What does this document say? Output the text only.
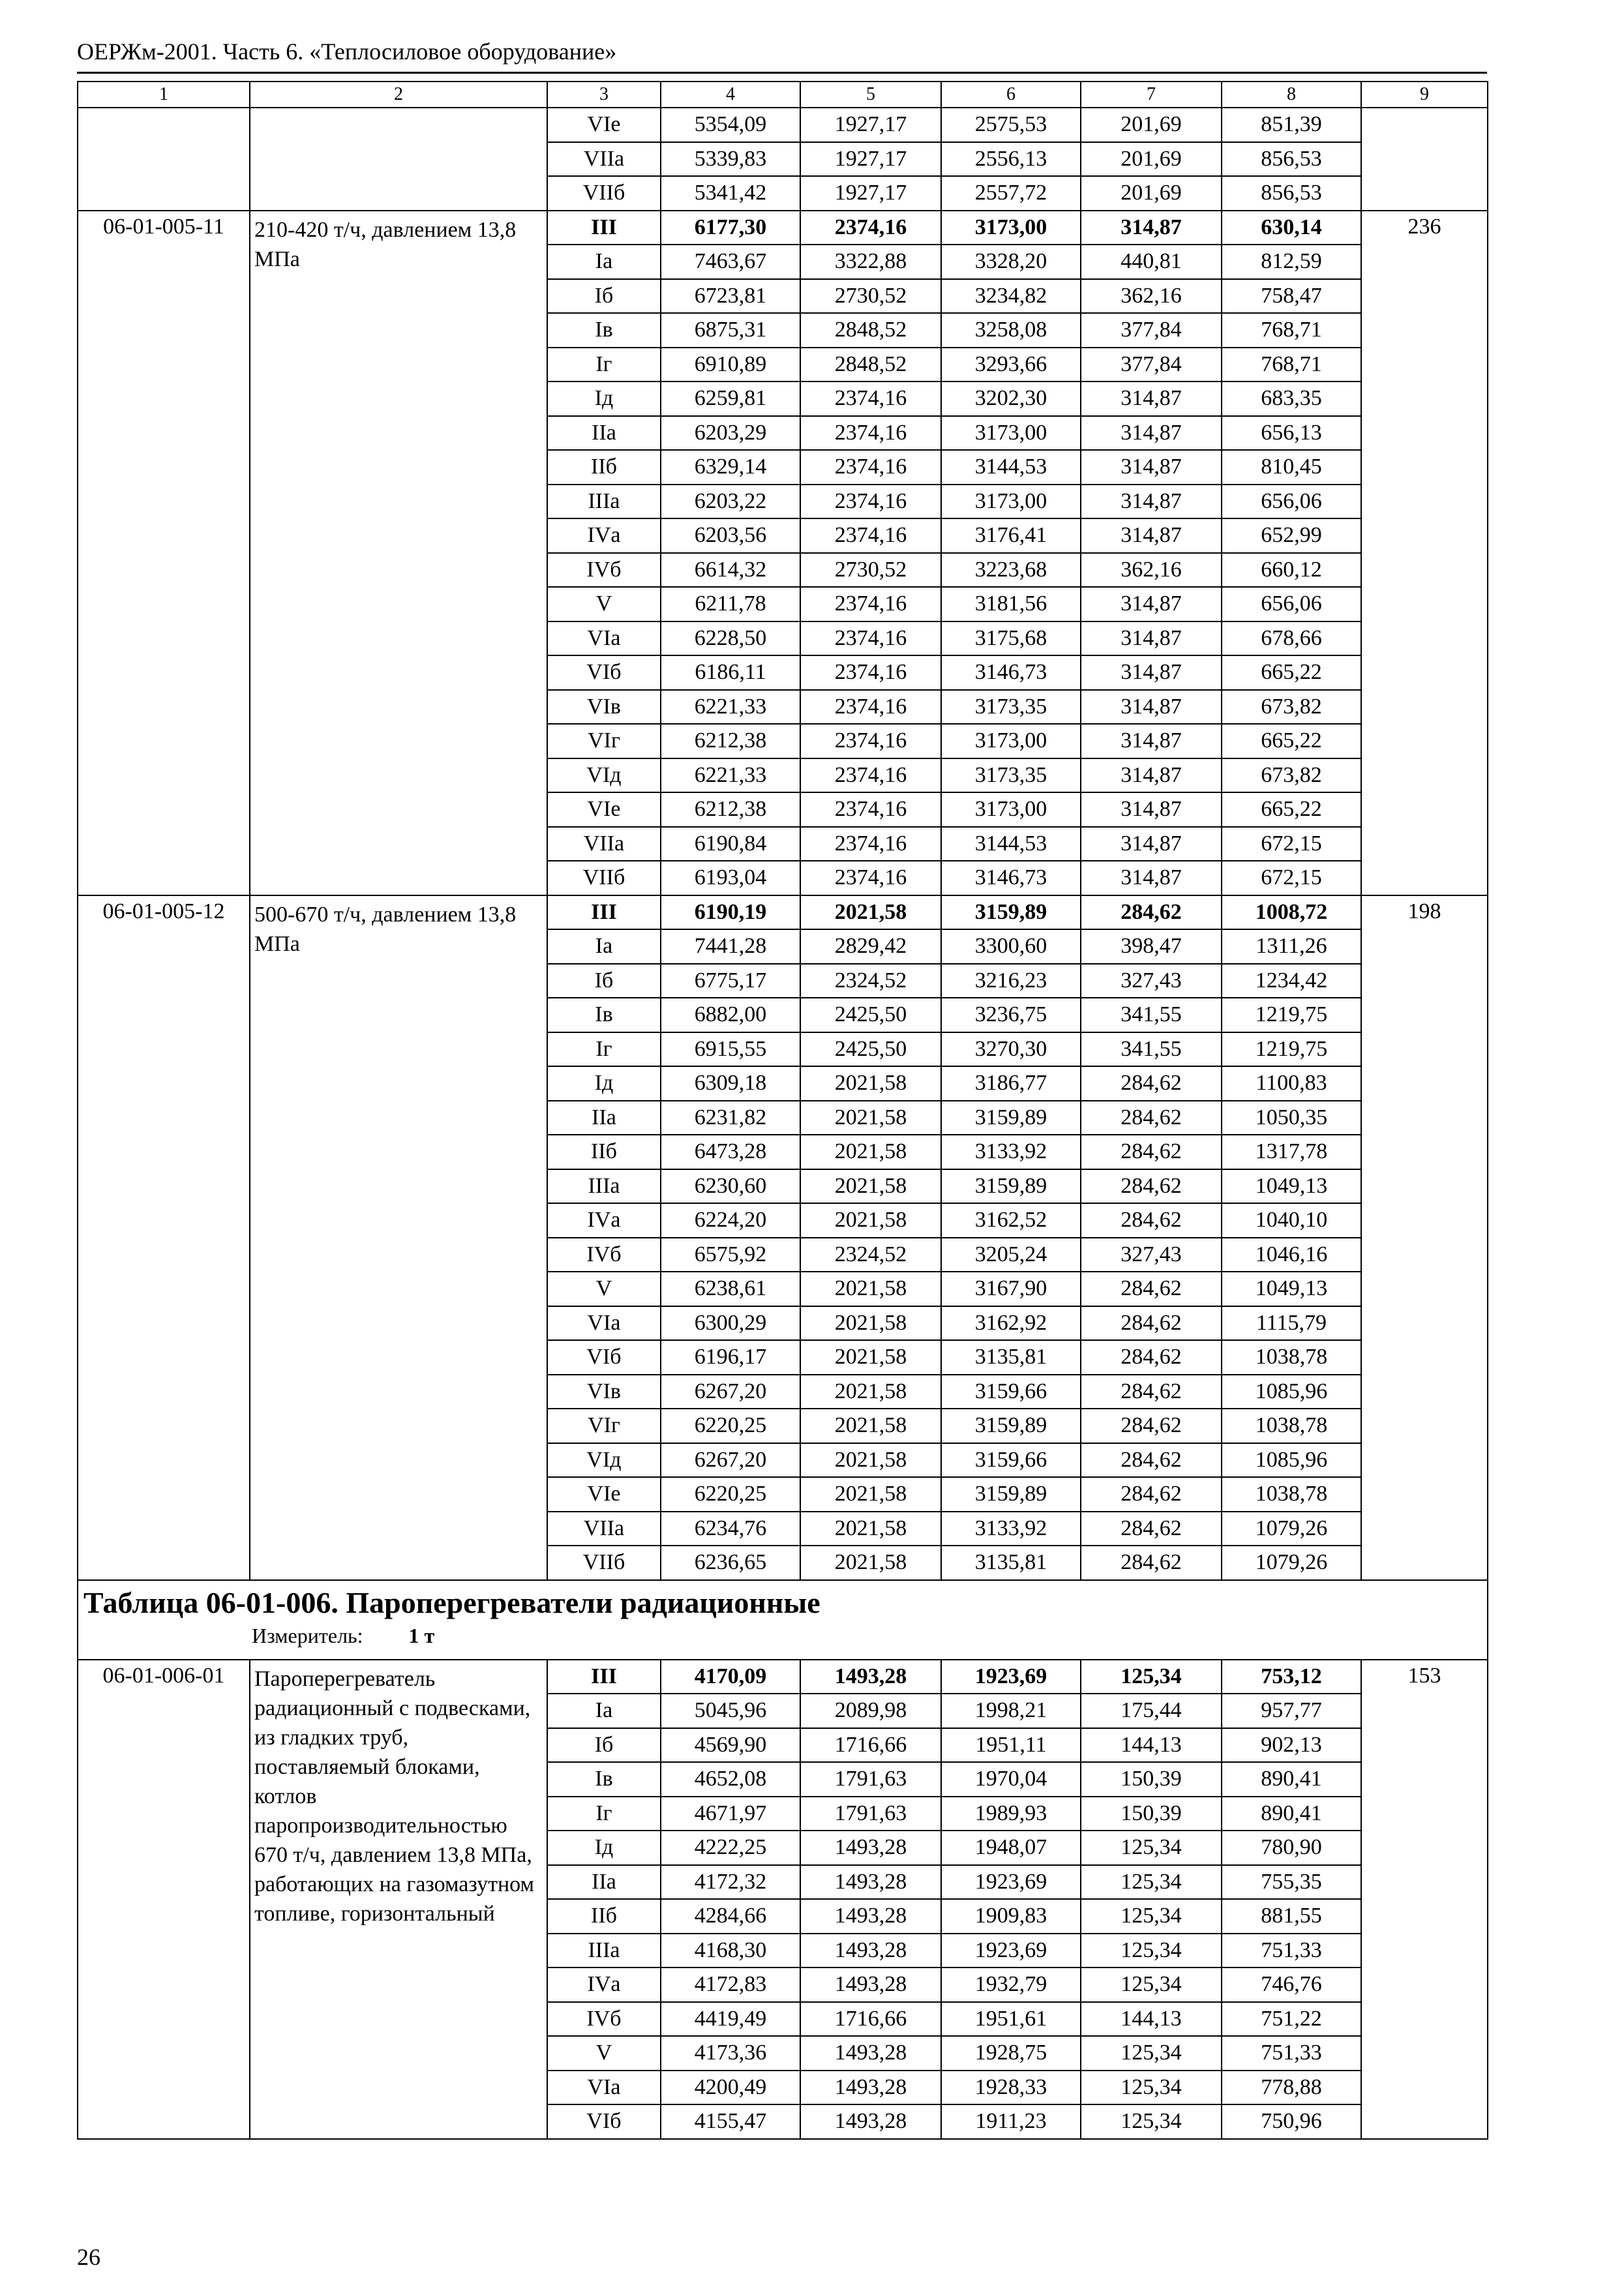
ОЕРЖм-2001. Часть 6. «Теплосиловое оборудование»
1	2	3	4	5	6	7	8	9
		VIе	5354,09	1927,17	2575,53	201,69	851,39	
		VIIа	5339,83	1927,17	2556,13	201,69	856,53	
		VIIб	5341,42	1927,17	2557,72	201,69	856,53	
06-01-005-11	210-420 т/ч, давлением 13,8 МПа	III	6177,30	2374,16	3173,00	314,87	630,14	236
		Iа	7463,67	3322,88	3328,20	440,81	812,59	
		Iб	6723,81	2730,52	3234,82	362,16	758,47	
		Iв	6875,31	2848,52	3258,08	377,84	768,71	
		Iг	6910,89	2848,52	3293,66	377,84	768,71	
		Iд	6259,81	2374,16	3202,30	314,87	683,35	
		IIа	6203,29	2374,16	3173,00	314,87	656,13	
		IIб	6329,14	2374,16	3144,53	314,87	810,45	
		IIIа	6203,22	2374,16	3173,00	314,87	656,06	
		IVа	6203,56	2374,16	3176,41	314,87	652,99	
		IVб	6614,32	2730,52	3223,68	362,16	660,12	
		V	6211,78	2374,16	3181,56	314,87	656,06	
		VIа	6228,50	2374,16	3175,68	314,87	678,66	
		VIб	6186,11	2374,16	3146,73	314,87	665,22	
		VIв	6221,33	2374,16	3173,35	314,87	673,82	
		VIг	6212,38	2374,16	3173,00	314,87	665,22	
		VIд	6221,33	2374,16	3173,35	314,87	673,82	
		VIе	6212,38	2374,16	3173,00	314,87	665,22	
		VIIа	6190,84	2374,16	3144,53	314,87	672,15	
		VIIб	6193,04	2374,16	3146,73	314,87	672,15	
06-01-005-12	500-670 т/ч, давлением 13,8 МПа	III	6190,19	2021,58	3159,89	284,62	1008,72	198
		Iа	7441,28	2829,42	3300,60	398,47	1311,26	
		Iб	6775,17	2324,52	3216,23	327,43	1234,42	
		Iв	6882,00	2425,50	3236,75	341,55	1219,75	
		Iг	6915,55	2425,50	3270,30	341,55	1219,75	
		Iд	6309,18	2021,58	3186,77	284,62	1100,83	
		IIа	6231,82	2021,58	3159,89	284,62	1050,35	
		IIб	6473,28	2021,58	3133,92	284,62	1317,78	
		IIIа	6230,60	2021,58	3159,89	284,62	1049,13	
		IVа	6224,20	2021,58	3162,52	284,62	1040,10	
		IVб	6575,92	2324,52	3205,24	327,43	1046,16	
		V	6238,61	2021,58	3167,90	284,62	1049,13	
		VIа	6300,29	2021,58	3162,92	284,62	1115,79	
		VIб	6196,17	2021,58	3135,81	284,62	1038,78	
		VIв	6267,20	2021,58	3159,66	284,62	1085,96	
		VIг	6220,25	2021,58	3159,89	284,62	1038,78	
		VIд	6267,20	2021,58	3159,66	284,62	1085,96	
		VIе	6220,25	2021,58	3159,89	284,62	1038,78	
		VIIа	6234,76	2021,58	3133,92	284,62	1079,26	
		VIIб	6236,65	2021,58	3135,81	284,62	1079,26	

Таблица 06-01-006. Пароперегреватели радиационные
Измеритель: 1 т								

06-01-006-01	Пароперегреватель радиационный с подвесками, из гладких труб, поставляемый блоками, котлов паропроизводительностью 670 т/ч, давлением 13,8 МПа, работающих на газомазутном топливе, горизонтальный	III	4170,09	1493,28	1923,69	125,34	753,12	153
		Iа	5045,96	2089,98	1998,21	175,44	957,77	
		Iб	4569,90	1716,66	1951,11	144,13	902,13	
		Iв	4652,08	1791,63	1970,04	150,39	890,41	
		Iг	4671,97	1791,63	1989,93	150,39	890,41	
		Iд	4222,25	1493,28	1948,07	125,34	780,90	
		IIа	4172,32	1493,28	1923,69	125,34	755,35	
		IIб	4284,66	1493,28	1909,83	125,34	881,55	
		IIIа	4168,30	1493,28	1923,69	125,34	751,33	
		IVа	4172,83	1493,28	1932,79	125,34	746,76	
		IVб	4419,49	1716,66	1951,61	144,13	751,22	
		V	4173,36	1493,28	1928,75	125,34	751,33	
		VIа	4200,49	1493,28	1928,33	125,34	778,88	
		VIб	4155,47	1493,28	1911,23	125,34	750,96	
26
